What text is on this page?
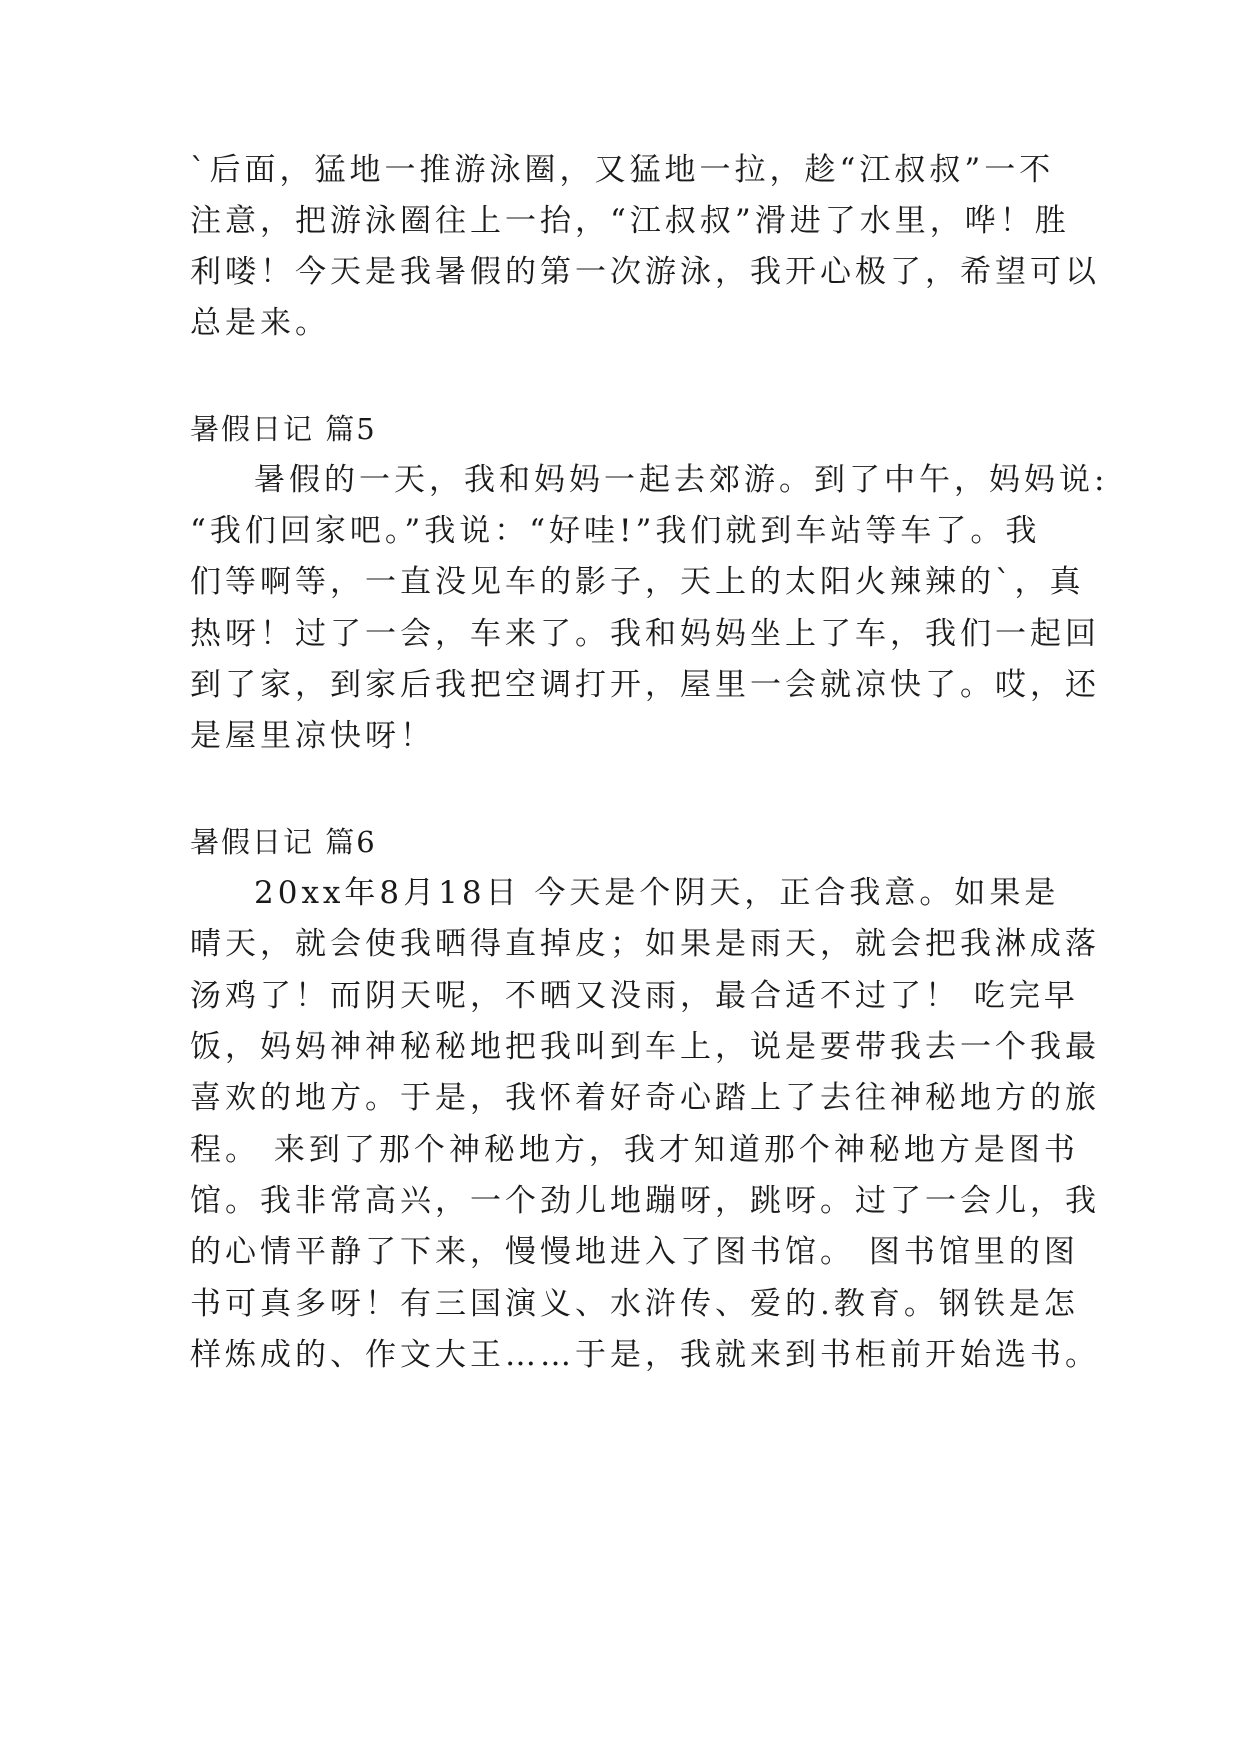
`后面，猛地一推游泳圈，又猛地一拉，趁“江叔叔”一不
注意，把游泳圈往上一抬，“江叔叔”滑进了水里，哗！胜
利喽！今天是我暑假的第一次游泳，我开心极了，希望可以
总是来。
暑假日记 篇5
暑假的一天，我和妈妈一起去郊游。到了中午，妈妈说:
“我们回家吧。”我说：“好哇!”我们就到车站等车了。我
们等啊等，一直没见车的影子，天上的太阳火辣辣的`，真
热呀！过了一会，车来了。我和妈妈坐上了车，我们一起回
到了家，到家后我把空调打开，屋里一会就凉快了。哎，还
是屋里凉快呀！
暑假日记 篇6
20xx年8月18日 今天是个阴天，正合我意。如果是
晴天，就会使我晒得直掉皮；如果是雨天，就会把我淋成落
汤鸡了！而阴天呢，不晒又没雨，最合适不过了！ 吃完早
饭，妈妈神神秘秘地把我叫到车上，说是要带我去一个我最
喜欢的地方。于是，我怀着好奇心踏上了去往神秘地方的旅
程。 来到了那个神秘地方，我才知道那个神秘地方是图书
馆。我非常高兴，一个劲儿地蹦呀，跳呀。过了一会儿，我
的心情平静了下来，慢慢地进入了图书馆。 图书馆里的图
书可真多呀！有三国演义、水浒传、爱的.教育。钢铁是怎
样炼成的、作文大王……于是，我就来到书柜前开始选书。
